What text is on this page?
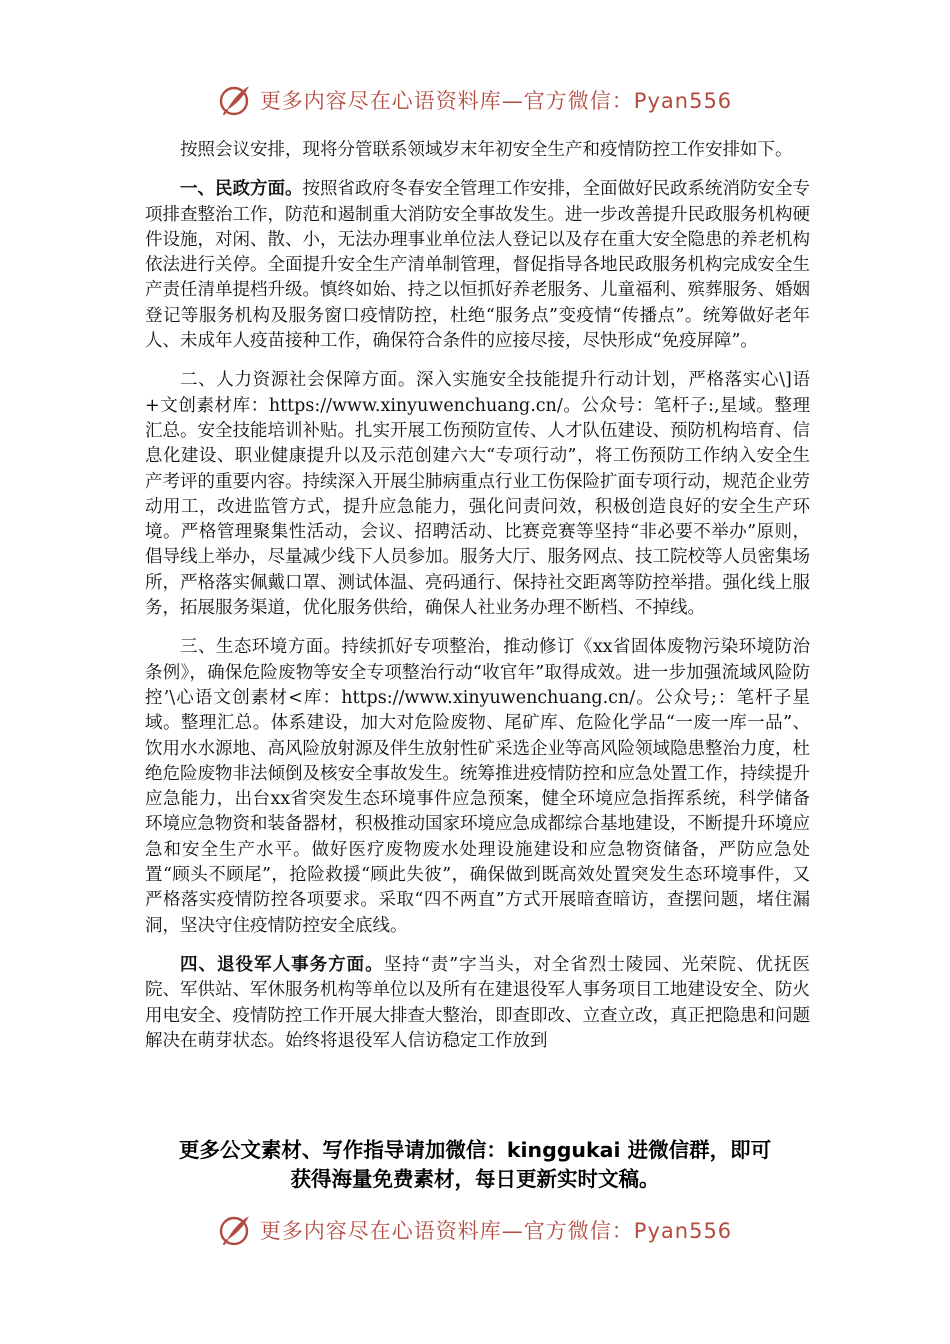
更多内容尽在心语资料库—官方微信：Pyan556

按照会议安排，现将分管联系领域岁末年初安全生产和疫情防控工作安排如下。

一、民政方面。按照省政府冬春安全管理工作安排，全面做好民政系统消防安全专项排查整治工作，防范和遏制重大消防安全事故发生。进一步改善提升民政服务机构硬件设施，对闲、散、小，无法办理事业单位法人登记以及存在重大安全隐患的养老机构依法进行关停。全面提升安全生产清单制管理，督促指导各地民政服务机构完成安全生产责任清单提档升级。慎终如始、持之以恒抓好养老服务、儿童福利、殡葬服务、婚姻登记等服务机构及服务窗口疫情防控，杜绝“服务点”变疫情“传播点”。统筹做好老年人、未成年人疫苗接种工作，确保符合条件的应接尽接，尽快形成“免疫屏障”。

二、人力资源社会保障方面。深入实施安全技能提升行动计划，严格落实心\]语+文创素材库：https://www.xinyuwenchuang.cn/。公众号：笔杆子:,星域。整理汇总。安全技能培训补贴。扎实开展工伤预防宣传、人才队伍建设、预防机构培育、信息化建设、职业健康提升以及示范创建六大“专项行动”，将工伤预防工作纳入安全生产考评的重要内容。持续深入开展尘肺病重点行业工伤保险扩面专项行动，规范企业劳动用工，改进监管方式，提升应急能力，强化问责问效，积极创造良好的安全生产环境。严格管理聚集性活动，会议、招聘活动、比赛竞赛等坚持“非必要不举办”原则，倡导线上举办，尽量减少线下人员参加。服务大厅、服务网点、技工院校等人员密集场所，严格落实佩戴口罩、测试体温、亮码通行、保持社交距离等防控举措。强化线上服务，拓展服务渠道，优化服务供给，确保人社业务办理不断档、不掉线。

三、生态环境方面。持续抓好专项整治，推动修订《xx省固体废物污染环境防治条例》，确保危险废物等安全专项整治行动“收官年”取得成效。进一步加强流域风险防控’\心语文创素材<库：https://www.xinyuwenchuang.cn/。公众号;：笔杆子星域。整理汇总。体系建设，加大对危险废物、尾矿库、危险化学品“一废一库一品”、饮用水水源地、高风险放射源及伴生放射性矿采选企业等高风险领域隐患整治力度，杜绝危险废物非法倾倒及核安全事故发生。统筹推进疫情防控和应急处置工作，持续提升应急能力，出台xx省突发生态环境事件应急预案，健全环境应急指挥系统，科学储备环境应急物资和装备器材，积极推动国家环境应急成都综合基地建设，不断提升环境应急和安全生产水平。做好医疗废物废水处理设施建设和应急物资储备，严防应急处置“顾头不顾尾”，抢险救援“顾此失彼”，确保做到既高效处置突发生态环境事件，又严格落实疫情防控各项要求。采取“四不两直”方式开展暗查暗访，查摆问题，堵住漏洞，坚决守住疫情防控安全底线。

四、退役军人事务方面。坚持“责”字当头，对全省烈士陵园、光荣院、优抚医院、军供站、军休服务机构等单位以及所有在建退役军人事务项目工地建设安全、防火用电安全、疫情防控工作开展大排查大整治，即查即改、立查立改，真正把隐患和问题解决在萌芽状态。始终将退役军人信访稳定工作放到

更多公文素材、写作指导请加微信：kinggukai 进微信群，即可
获得海量免费素材，每日更新实时文稿。
更多内容尽在心语资料库—官方微信：Pyan556
